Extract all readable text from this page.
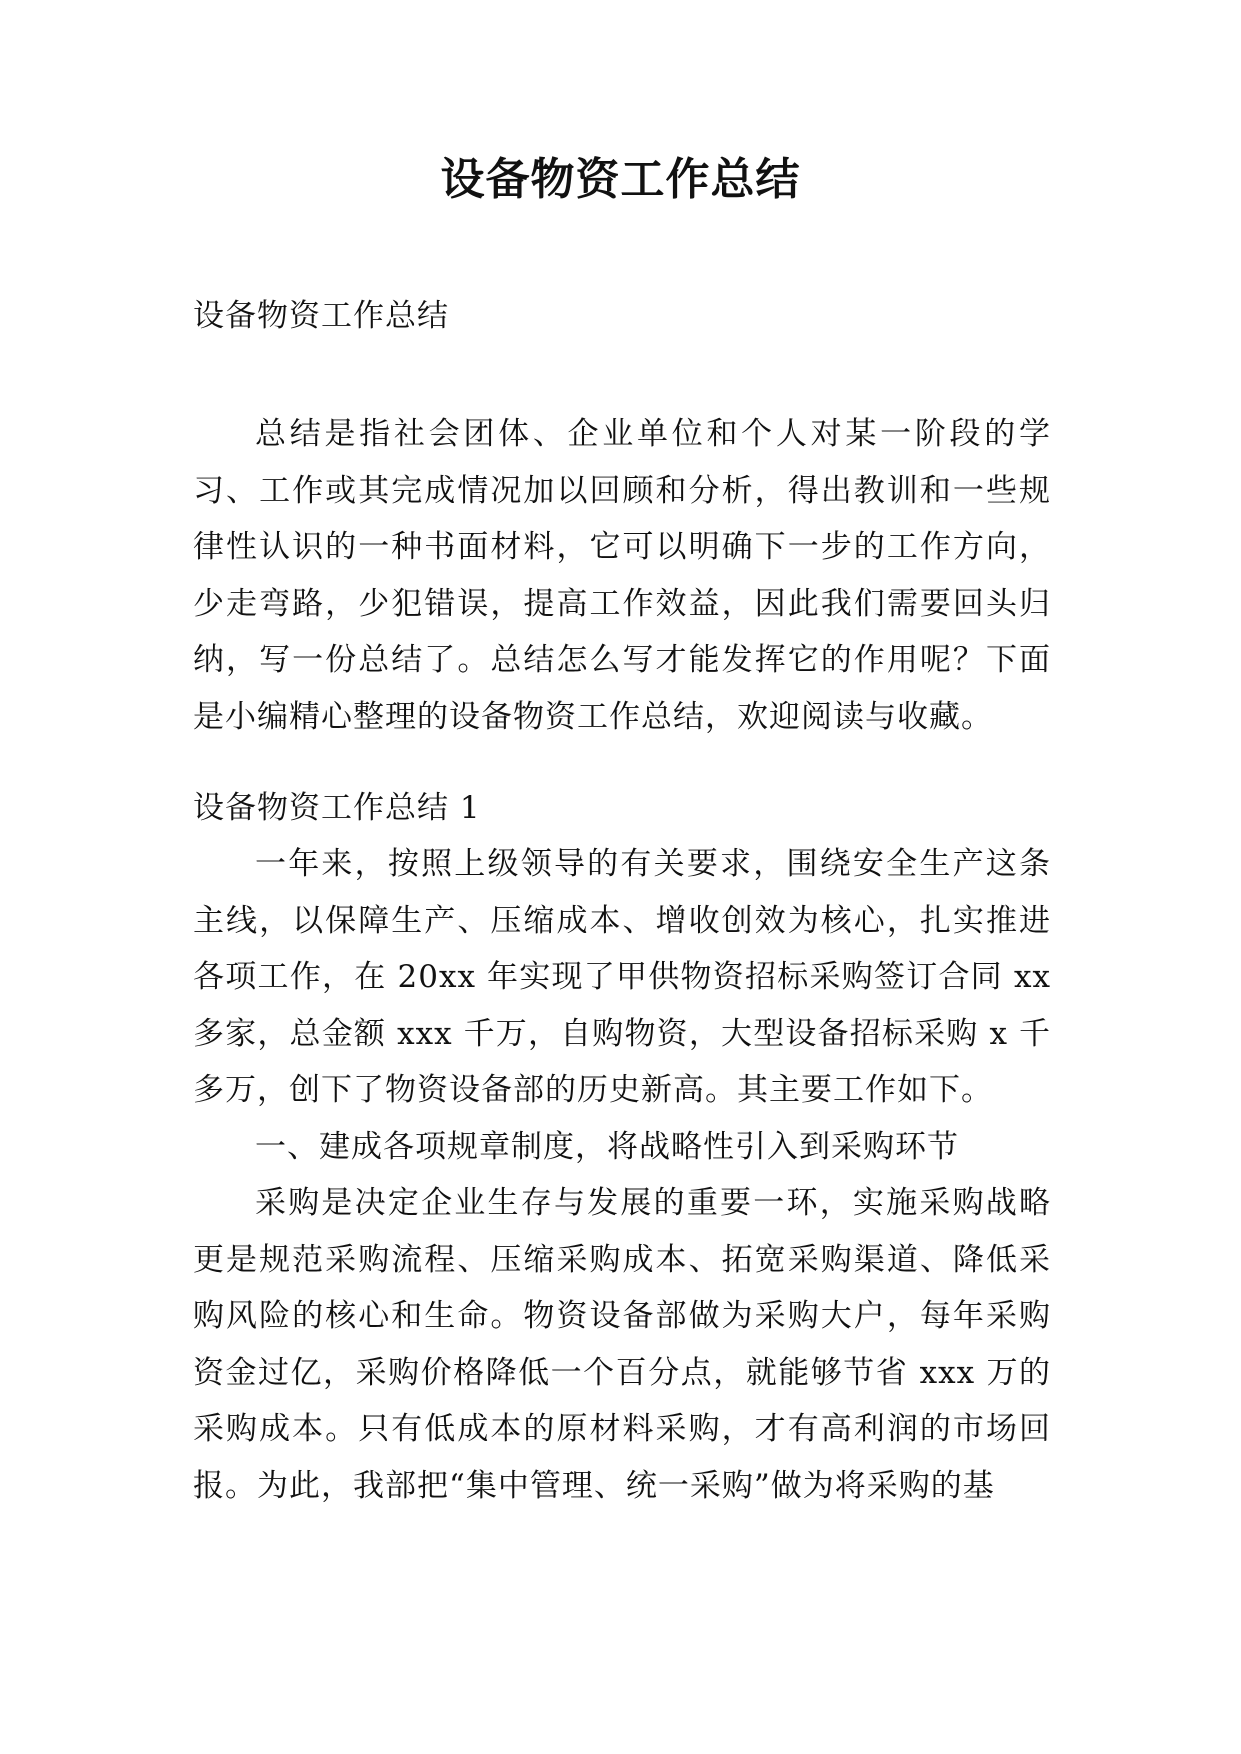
设备物资工作总结
设备物资工作总结

总结是指社会团体、企业单位和个人对某一阶段的学习、工作或其完成情况加以回顾和分析，得出教训和一些规律性认识的一种书面材料，它可以明确下一步的工作方向，少走弯路，少犯错误，提高工作效益，因此我们需要回头归纳，写一份总结了。总结怎么写才能发挥它的作用呢？下面是小编精心整理的设备物资工作总结，欢迎阅读与收藏。

设备物资工作总结 1

一年来，按照上级领导的有关要求，围绕安全生产这条主线，以保障生产、压缩成本、增收创效为核心，扎实推进各项工作，在 20xx 年实现了甲供物资招标采购签订合同 xx 多家，总金额 xxx 千万，自购物资，大型设备招标采购 x 千多万，创下了物资设备部的历史新高。其主要工作如下。

一、建成各项规章制度，将战略性引入到采购环节

采购是决定企业生存与发展的重要一环，实施采购战略更是规范采购流程、压缩采购成本、拓宽采购渠道、降低采购风险的核心和生命。物资设备部做为采购大户，每年采购资金过亿，采购价格降低一个百分点，就能够节省 xxx 万的采购成本。只有低成本的原材料采购，才有高利润的市场回报。为此，我部把“集中管理、统一采购”做为将采购的基
